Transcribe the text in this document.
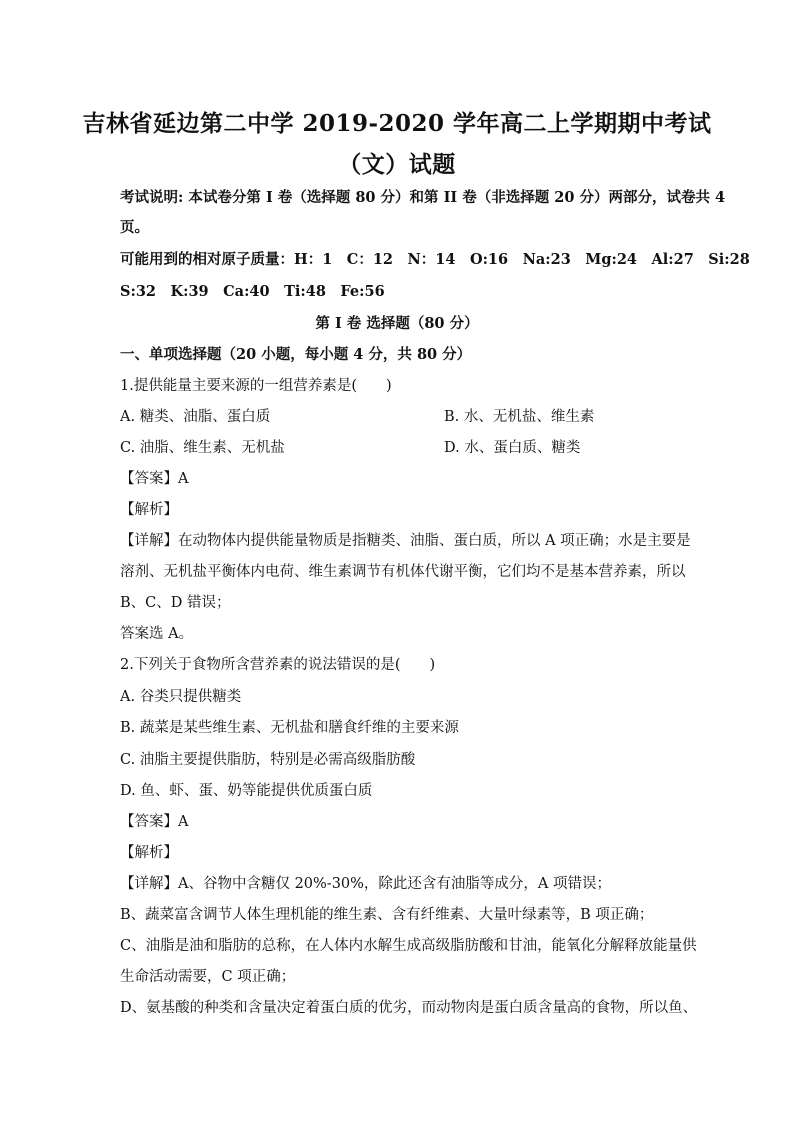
吉林省延边第二中学 2019-2020 学年高二上学期期中考试
（文）试题
考试说明: 本试卷分第 I 卷（选择题 80 分）和第 II 卷（非选择题 20 分）两部分，试卷共 4
页。
可能用到的相对原子质量：H：1　C：12　N：14　O:16　Na:23　Mg:24　Al:27　Si:28
S:32　K:39　Ca:40　Ti:48　Fe:56
第 I 卷 选择题（80 分）
一、单项选择题（20 小题，每小题 4 分，共 80 分）
1.提供能量主要来源的一组营养素是(　　)
A. 糖类、油脂、蛋白质	B. 水、无机盐、维生素
C. 油脂、维生素、无机盐	D. 水、蛋白质、糖类
【答案】A
【解析】
【详解】在动物体内提供能量物质是指糖类、油脂、蛋白质，所以 A 项正确；水是主要是
溶剂、无机盐平衡体内电荷、维生素调节有机体代谢平衡，它们均不是基本营养素，所以
B、C、D 错误；
答案选 A。
2.下列关于食物所含营养素的说法错误的是(　　)
A. 谷类只提供糖类
B. 蔬菜是某些维生素、无机盐和膳食纤维的主要来源
C. 油脂主要提供脂肪，特别是必需高级脂肪酸
D. 鱼、虾、蛋、奶等能提供优质蛋白质
【答案】A
【解析】
【详解】A、谷物中含糖仅 20%-30%，除此还含有油脂等成分，A 项错误；
B、蔬菜富含调节人体生理机能的维生素、含有纤维素、大量叶绿素等，B 项正确；
C、油脂是油和脂肪的总称，在人体内水解生成高级脂肪酸和甘油，能氧化分解释放能量供
生命活动需要，C 项正确；
D、氨基酸的种类和含量决定着蛋白质的优劣，而动物肉是蛋白质含量高的食物，所以鱼、
